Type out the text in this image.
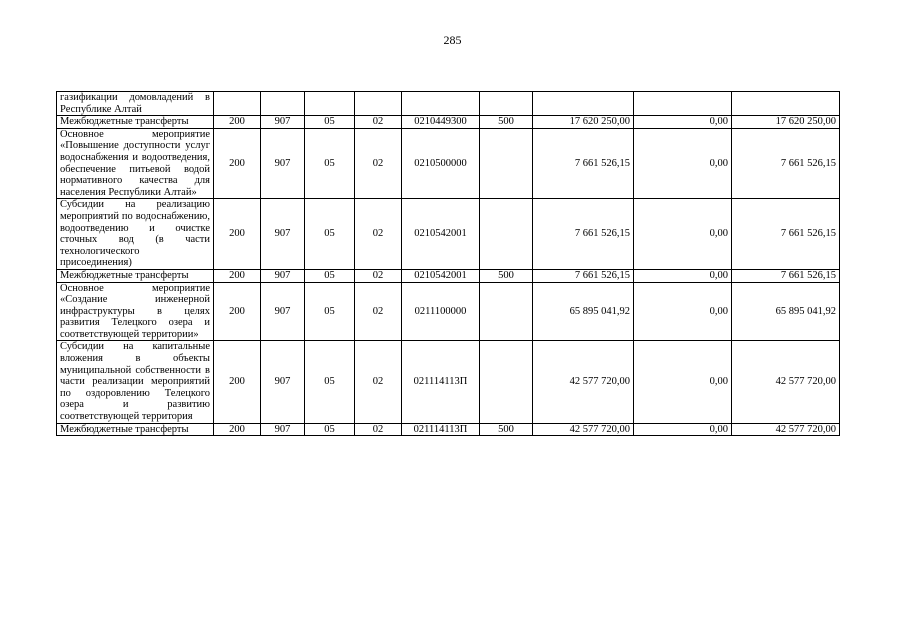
285
газификации домовладений в Республике Алтай									
Межбюджетные трансферты	200	907	05	02	0210449300	500	17 620 250,00	0,00	17 620 250,00
Основное мероприятие «Повышение доступности услуг водоснабжения и водоотведения, обеспечение питьевой водой нормативного качества для населения Республики Алтай»	200	907	05	02	0210500000		7 661 526,15	0,00	7 661 526,15
Субсидии на реализацию мероприятий по водоснабжению, водоотведению и очистке сточных вод (в части технологического присоединения)	200	907	05	02	0210542001		7 661 526,15	0,00	7 661 526,15
Межбюджетные трансферты	200	907	05	02	0210542001	500	7 661 526,15	0,00	7 661 526,15
Основное мероприятие «Создание инженерной инфраструктуры в целях развития Телецкого озера и соответствующей территории»	200	907	05	02	0211100000		65 895 041,92	0,00	65 895 041,92
Субсидии на капитальные вложения в объекты муниципальной собственности в части реализации мероприятий по оздоровлению Телецкого озера и развитию соответствующей территория	200	907	05	02	021114113П		42 577 720,00	0,00	42 577 720,00
Межбюджетные трансферты	200	907	05	02	021114113П	500	42 577 720,00	0,00	42 577 720,00
